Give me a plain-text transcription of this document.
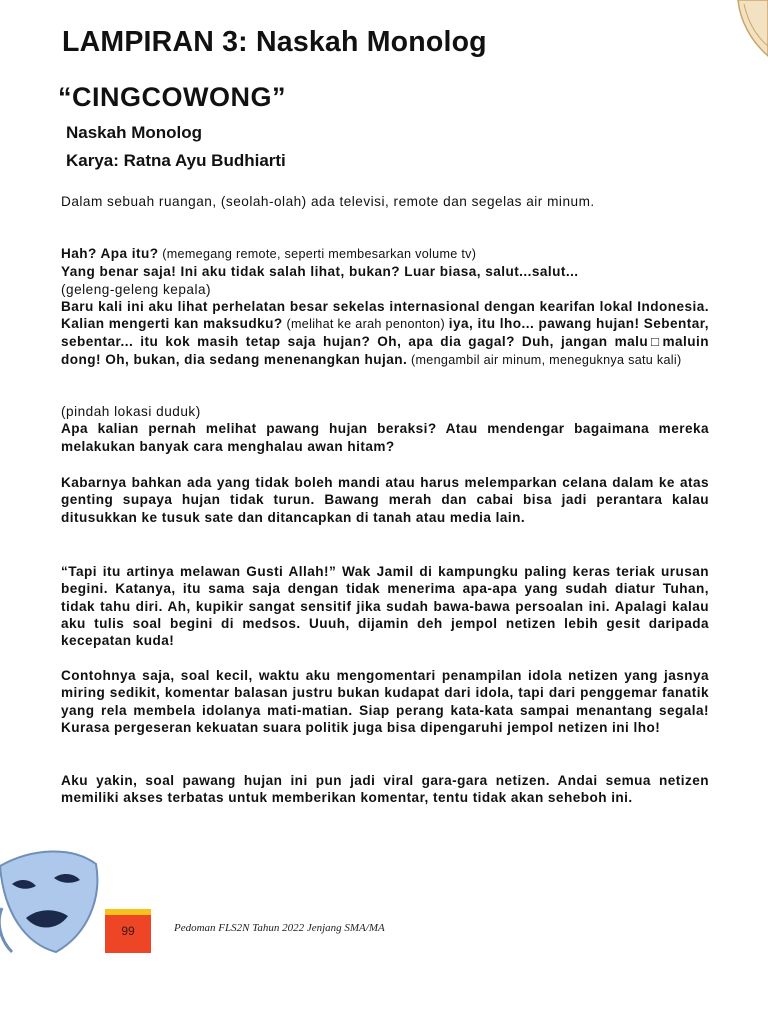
LAMPIRAN 3: Naskah Monolog
“CINGCOWONG”
Naskah Monolog
Karya: Ratna Ayu Budhiarti
Dalam sebuah ruangan, (seolah-olah) ada televisi, remote dan segelas air minum.
Hah? Apa itu? (memegang remote, seperti membesarkan volume tv)
Yang benar saja! Ini aku tidak salah lihat, bukan? Luar biasa, salut...salut...
(geleng-geleng kepala)
Baru kali ini aku lihat perhelatan besar sekelas internasional dengan kearifan lokal Indonesia. Kalian mengerti kan maksudku? (melihat ke arah penonton) iya, itu lho... pawang hujan! Sebentar, sebentar... itu kok masih tetap saja hujan? Oh, apa dia gagal? Duh, jangan malu□maluin dong! Oh, bukan, dia sedang menenangkan hujan. (mengambil air minum, meneguknya satu kali)
(pindah lokasi duduk)
Apa kalian pernah melihat pawang hujan beraksi? Atau mendengar bagaimana mereka melakukan banyak cara menghalau awan hitam?
Kabarnya bahkan ada yang tidak boleh mandi atau harus melemparkan celana dalam ke atas genting supaya hujan tidak turun. Bawang merah dan cabai bisa jadi perantara kalau ditusukkan ke tusuk sate dan ditancapkan di tanah atau media lain.
“Tapi itu artinya melawan Gusti Allah!” Wak Jamil di kampungku paling keras teriak urusan begini. Katanya, itu sama saja dengan tidak menerima apa-apa yang sudah diatur Tuhan, tidak tahu diri. Ah, kupikir sangat sensitif jika sudah bawa-bawa persoalan ini. Apalagi kalau aku tulis soal begini di medsos. Uuuh, dijamin deh jempol netizen lebih gesit daripada kecepatan kuda!
Contohnya saja, soal kecil, waktu aku mengomentari penampilan idola netizen yang jasnya miring sedikit, komentar balasan justru bukan kudapat dari idola, tapi dari penggemar fanatik yang rela membela idolanya mati-matian. Siap perang kata-kata sampai menantang segala! Kurasa pergeseran kekuatan suara politik juga bisa dipengaruhi jempol netizen ini lho!
Aku yakin, soal pawang hujan ini pun jadi viral gara-gara netizen. Andai semua netizen memiliki akses terbatas untuk memberikan komentar, tentu tidak akan seheboh ini.
99	Pedoman FLS2N Tahun 2022 Jenjang SMA/MA
